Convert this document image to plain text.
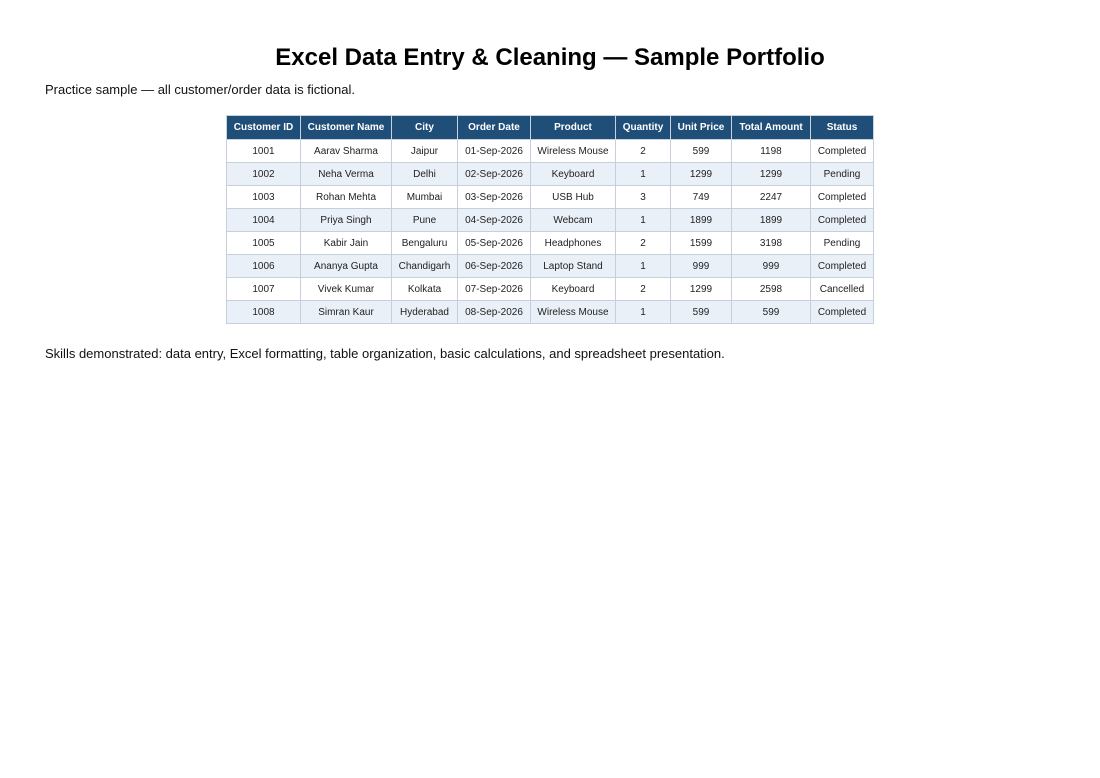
Excel Data Entry & Cleaning — Sample Portfolio
Practice sample — all customer/order data is fictional.
Customer ID	Customer Name	City	Order Date	Product	Quantity	Unit Price	Total Amount	Status
1001	Aarav Sharma	Jaipur	01-Sep-2026	Wireless Mouse	2	599	1198	Completed
1002	Neha Verma	Delhi	02-Sep-2026	Keyboard	1	1299	1299	Pending
1003	Rohan Mehta	Mumbai	03-Sep-2026	USB Hub	3	749	2247	Completed
1004	Priya Singh	Pune	04-Sep-2026	Webcam	1	1899	1899	Completed
1005	Kabir Jain	Bengaluru	05-Sep-2026	Headphones	2	1599	3198	Pending
1006	Ananya Gupta	Chandigarh	06-Sep-2026	Laptop Stand	1	999	999	Completed
1007	Vivek Kumar	Kolkata	07-Sep-2026	Keyboard	2	1299	2598	Cancelled
1008	Simran Kaur	Hyderabad	08-Sep-2026	Wireless Mouse	1	599	599	Completed
Skills demonstrated: data entry, Excel formatting, table organization, basic calculations, and spreadsheet presentation.
